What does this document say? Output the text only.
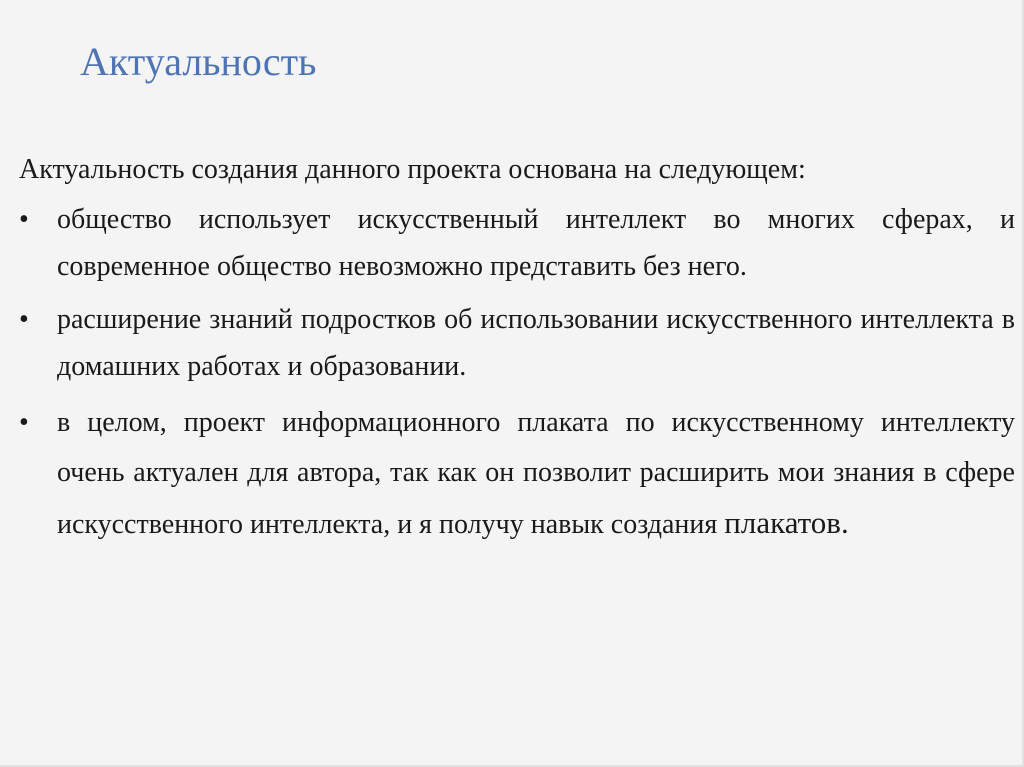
Актуальность

Актуальность создания данного проекта основана на следующем:

•	общество использует искусственный интеллект во многих сферах, и современное общество невозможно представить без него.
•	расширение знаний подростков об использовании искусственного интеллекта в домашних работах и образовании.
•	в целом, проект информационного плаката по искусственному интеллекту очень актуален для автора, так как он позволит расширить мои знания в сфере искусственного интеллекта, и я получу навык создания плакатов.
